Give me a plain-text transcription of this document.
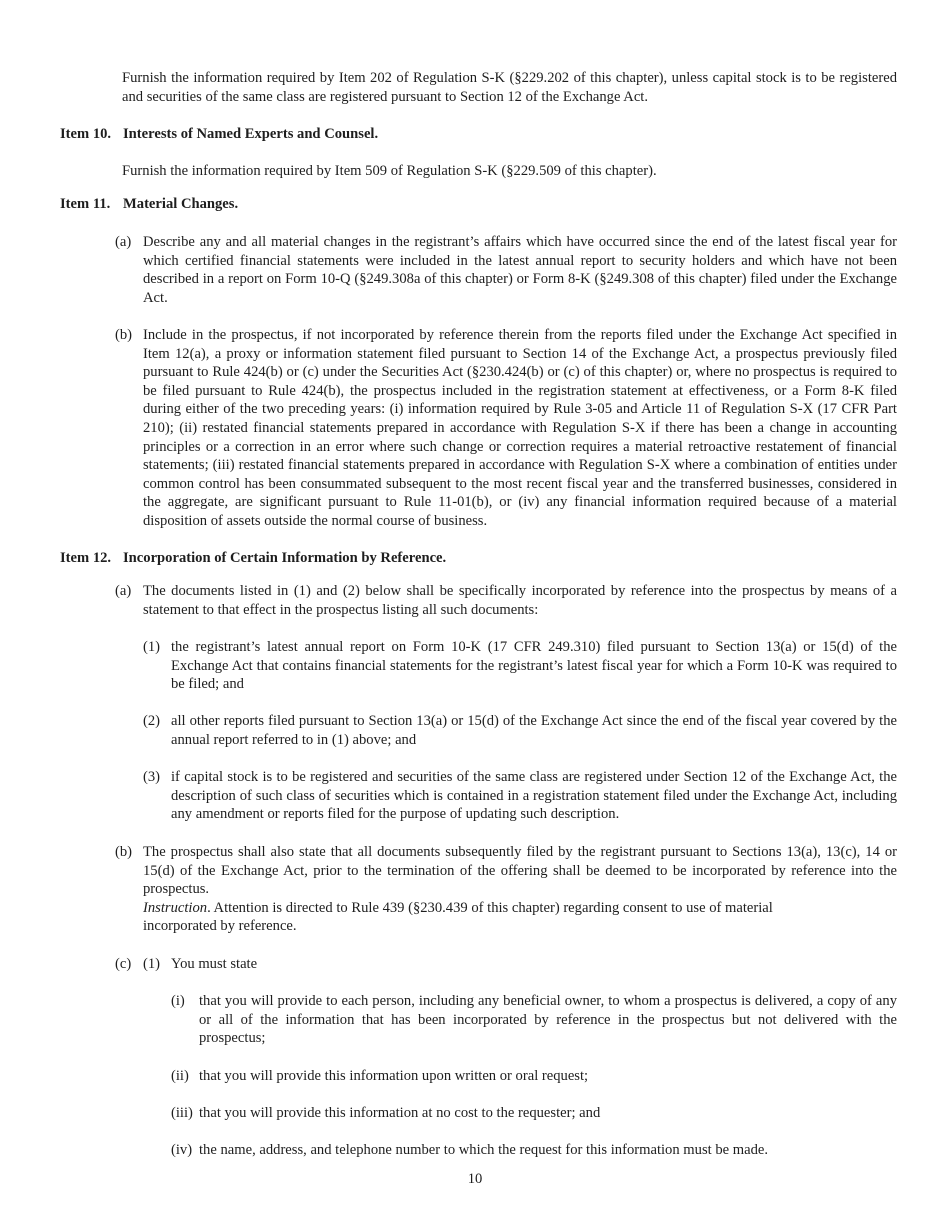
Furnish the information required by Item 202 of Regulation S-K (§229.202 of this chapter), unless capital stock is to be registered and securities of the same class are registered pursuant to Section 12 of the Exchange Act.

Item 10. Interests of Named Experts and Counsel.

Furnish the information required by Item 509 of Regulation S-K (§229.509 of this chapter).

Item 11. Material Changes.
(a) Describe any and all material changes in the registrant’s affairs which have occurred since the end of the latest fiscal year for which certified financial statements were included in the latest annual report to security holders and which have not been described in a report on Form 10-Q (§249.308a of this chapter) or Form 8-K (§249.308 of this chapter) filed under the Exchange Act.
(b) Include in the prospectus, if not incorporated by reference therein from the reports filed under the Exchange Act specified in Item 12(a), a proxy or information statement filed pursuant to Section 14 of the Exchange Act, a prospectus previously filed pursuant to Rule 424(b) or (c) under the Securities Act (§230.424(b) or (c) of this chapter) or, where no prospectus is required to be filed pursuant to Rule 424(b), the prospectus included in the registration statement at effectiveness, or a Form 8-K filed during either of the two preceding years: (i) information required by Rule 3-05 and Article 11 of Regulation S-X (17 CFR Part 210); (ii) restated financial statements prepared in accordance with Regulation S-X if there has been a change in accounting principles or a correction in an error where such change or correction requires a material retroactive restatement of financial statements; (iii) restated financial statements prepared in accordance with Regulation S-X where a combination of entities under common control has been consummated subsequent to the most recent fiscal year and the transferred businesses, considered in the aggregate, are significant pursuant to Rule 11-01(b), or (iv) any financial information required because of a material disposition of assets outside the normal course of business.
Item 12. Incorporation of Certain Information by Reference.
(a) The documents listed in (1) and (2) below shall be specifically incorporated by reference into the prospectus by means of a statement to that effect in the prospectus listing all such documents:
(1) the registrant’s latest annual report on Form 10-K (17 CFR 249.310) filed pursuant to Section 13(a) or 15(d) of the Exchange Act that contains financial statements for the registrant’s latest fiscal year for which a Form 10-K was required to be filed; and
(2) all other reports filed pursuant to Section 13(a) or 15(d) of the Exchange Act since the end of the fiscal year covered by the annual report referred to in (1) above; and
(3) if capital stock is to be registered and securities of the same class are registered under Section 12 of the Exchange Act, the description of such class of securities which is contained in a registration statement filed under the Exchange Act, including any amendment or reports filed for the purpose of updating such description.
(b) The prospectus shall also state that all documents subsequently filed by the registrant pursuant to Sections 13(a), 13(c), 14 or 15(d) of the Exchange Act, prior to the termination of the offering shall be deemed to be incorporated by reference into the prospectus.
Instruction. Attention is directed to Rule 439 (§230.439 of this chapter) regarding consent to use of material incorporated by reference.
(c) (1) You must state
(i) that you will provide to each person, including any beneficial owner, to whom a prospectus is delivered, a copy of any or all of the information that has been incorporated by reference in the prospectus but not delivered with the prospectus;
(ii) that you will provide this information upon written or oral request;
(iii) that you will provide this information at no cost to the requester; and
(iv) the name, address, and telephone number to which the request for this information must be made.
10
